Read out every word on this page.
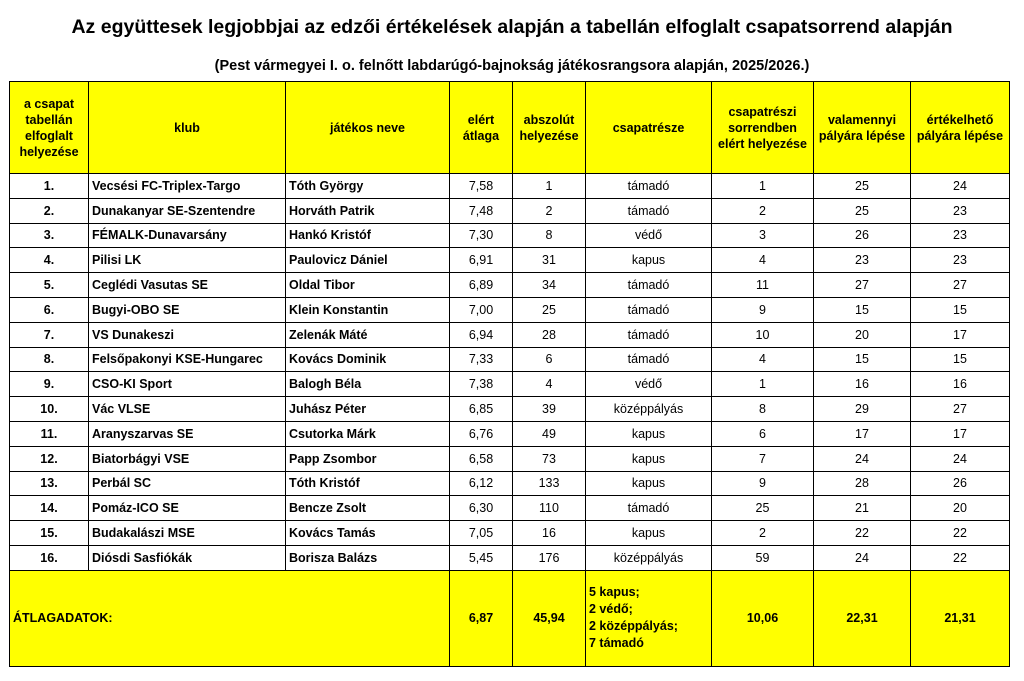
Az együttesek legjobbjai az edzői értékelések alapján a tabellán elfoglalt csapatsorrend alapján
(Pest vármegyei I. o. felnőtt labdarúgó-bajnokság játékosrangsora alapján, 2025/2026.)
a csapat tabellán elfoglalt helyezése	klub	játékos neve	elért átlaga	abszolút helyezése	csapatrésze	csapatrészi sorrendben elért helyezése	valamennyi pályára lépése	értékelhető pályára lépése
1.	Vecsési FC-Triplex-Targo	Tóth György	7,58	1	támadó	1	25	24
2.	Dunakanyar SE-Szentendre	Horváth Patrik	7,48	2	támadó	2	25	23
3.	FÉMALK-Dunavarsány	Hankó Kristóf	7,30	8	védő	3	26	23
4.	Pilisi LK	Paulovicz Dániel	6,91	31	kapus	4	23	23
5.	Ceglédi Vasutas SE	Oldal Tibor	6,89	34	támadó	11	27	27
6.	Bugyi-OBO SE	Klein Konstantin	7,00	25	támadó	9	15	15
7.	VS Dunakeszi	Zelenák Máté	6,94	28	támadó	10	20	17
8.	Felsőpakonyi KSE-Hungarec	Kovács Dominik	7,33	6	támadó	4	15	15
9.	CSO-KI Sport	Balogh Béla	7,38	4	védő	1	16	16
10.	Vác VLSE	Juhász Péter	6,85	39	középpályás	8	29	27
11.	Aranyszarvas SE	Csutorka Márk	6,76	49	kapus	6	17	17
12.	Biatorbágyi VSE	Papp Zsombor	6,58	73	kapus	7	24	24
13.	Perbál SC	Tóth Kristóf	6,12	133	kapus	9	28	26
14.	Pomáz-ICO SE	Bencze Zsolt	6,30	110	támadó	25	21	20
15.	Budakalászi MSE	Kovács Tamás	7,05	16	kapus	2	22	22
16.	Diósdi Sasfiókák	Borisza Balázs	5,45	176	középpályás	59	24	22
ÁTLAGADATOK:			6,87	45,94	5 kapus;
2 védő;
2 középpályás;
7 támadó	10,06	22,31	21,31
